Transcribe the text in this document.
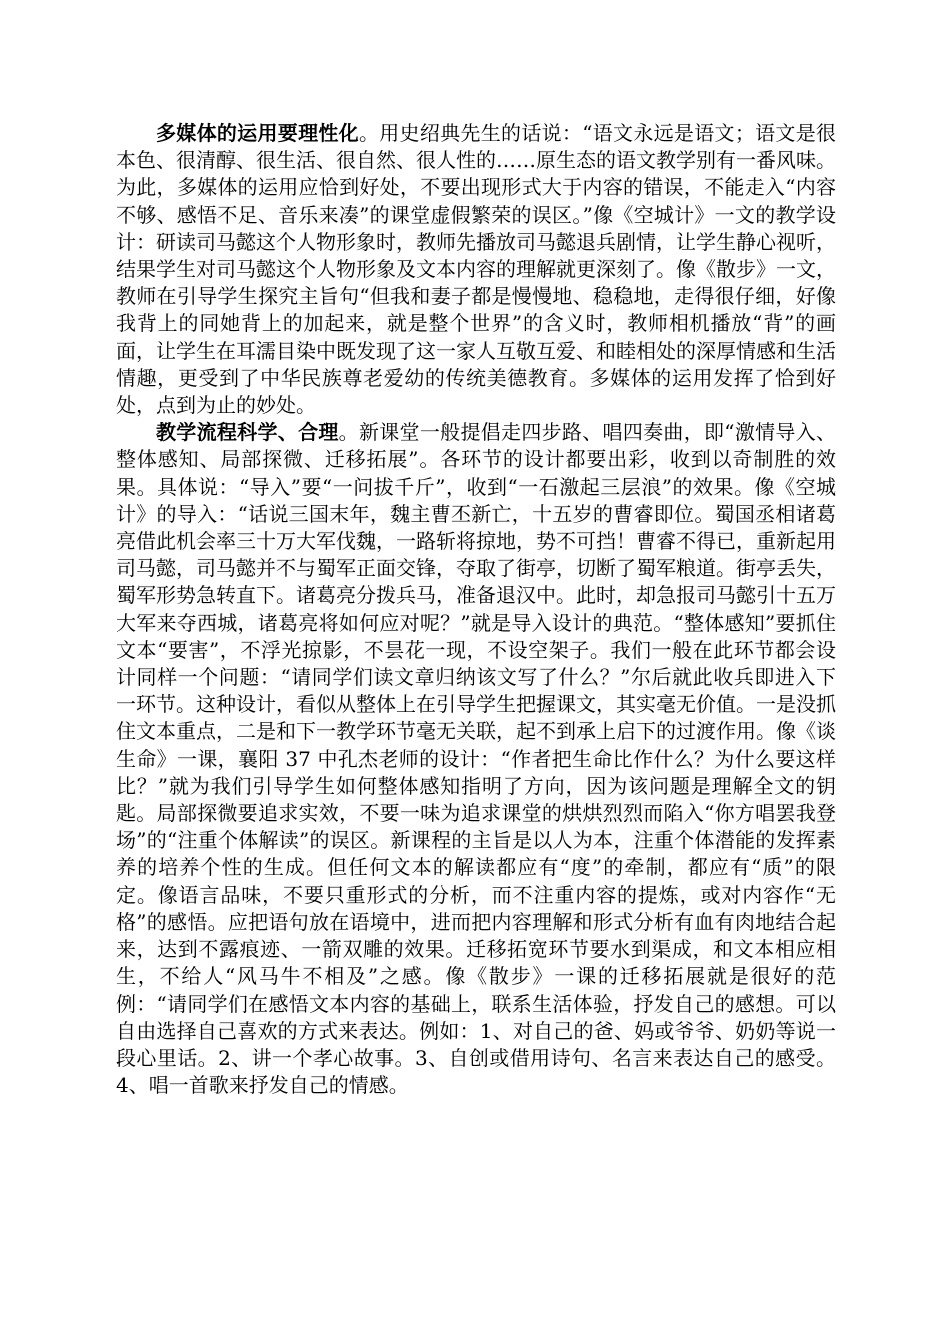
多媒体的运用要理性化。用史绍典先生的话说：“语文永远是语文；语文是很本色、很清醇、很生活、很自然、很人性的……原生态的语文教学别有一番风味。为此，多媒体的运用应恰到好处，不要出现形式大于内容的错误，不能走入“内容不够、感悟不足、音乐来凑”的课堂虚假繁荣的误区。”像《空城计》一文的教学设计：研读司马懿这个人物形象时，教师先播放司马懿退兵剧情，让学生静心视听，结果学生对司马懿这个人物形象及文本内容的理解就更深刻了。像《散步》一文，教师在引导学生探究主旨句“但我和妻子都是慢慢地、稳稳地，走得很仔细，好像我背上的同她背上的加起来，就是整个世界”的含义时，教师相机播放“背”的画面，让学生在耳濡目染中既发现了这一家人互敬互爱、和睦相处的深厚情感和生活情趣，更受到了中华民族尊老爱幼的传统美德教育。多媒体的运用发挥了恰到好处，点到为止的妙处。

教学流程科学、合理。新课堂一般提倡走四步路、唱四奏曲，即“激情导入、整体感知、局部探微、迁移拓展”。各环节的设计都要出彩，收到以奇制胜的效果。具体说：“导入”要“一问拔千斤”，收到“一石激起三层浪”的效果。像《空城计》的导入：“话说三国末年，魏主曹丕新亡，十五岁的曹睿即位。蜀国丞相诸葛亮借此机会率三十万大军伐魏，一路斩将掠地，势不可挡！曹睿不得已，重新起用司马懿，司马懿并不与蜀军正面交锋，夺取了街亭，切断了蜀军粮道。街亭丢失，蜀军形势急转直下。诸葛亮分拨兵马，准备退汉中。此时，却急报司马懿引十五万大军来夺西城，诸葛亮将如何应对呢？”就是导入设计的典范。“整体感知”要抓住文本“要害”，不浮光掠影，不昙花一现，不设空架子。我们一般在此环节都会设计同样一个问题：“请同学们读文章归纳该文写了什么？”尔后就此收兵即进入下一环节。这种设计，看似从整体上在引导学生把握课文，其实毫无价值。一是没抓住文本重点，二是和下一教学环节毫无关联，起不到承上启下的过渡作用。像《谈生命》一课，襄阳 37 中孔杰老师的设计：“作者把生命比作什么？为什么要这样比？”就为我们引导学生如何整体感知指明了方向，因为该问题是理解全文的钥匙。局部探微要追求实效，不要一味为追求课堂的烘烘烈烈而陷入“你方唱罢我登场”的“注重个体解读”的误区。新课程的主旨是以人为本，注重个体潜能的发挥素养的培养个性的生成。但任何文本的解读都应有“度”的牵制，都应有“质”的限定。像语言品味，不要只重形式的分析，而不注重内容的提炼，或对内容作“无格”的感悟。应把语句放在语境中，进而把内容理解和形式分析有血有肉地结合起来，达到不露痕迹、一箭双雕的效果。迁移拓宽环节要水到渠成，和文本相应相生，不给人“风马牛不相及”之感。像《散步》一课的迁移拓展就是很好的范例：“请同学们在感悟文本内容的基础上，联系生活体验，抒发自己的感想。可以自由选择自己喜欢的方式来表达。例如：1、对自己的爸、妈或爷爷、奶奶等说一段心里话。2、讲一个孝心故事。3、自创或借用诗句、名言来表达自己的感受。4、唱一首歌来抒发自己的情感。
